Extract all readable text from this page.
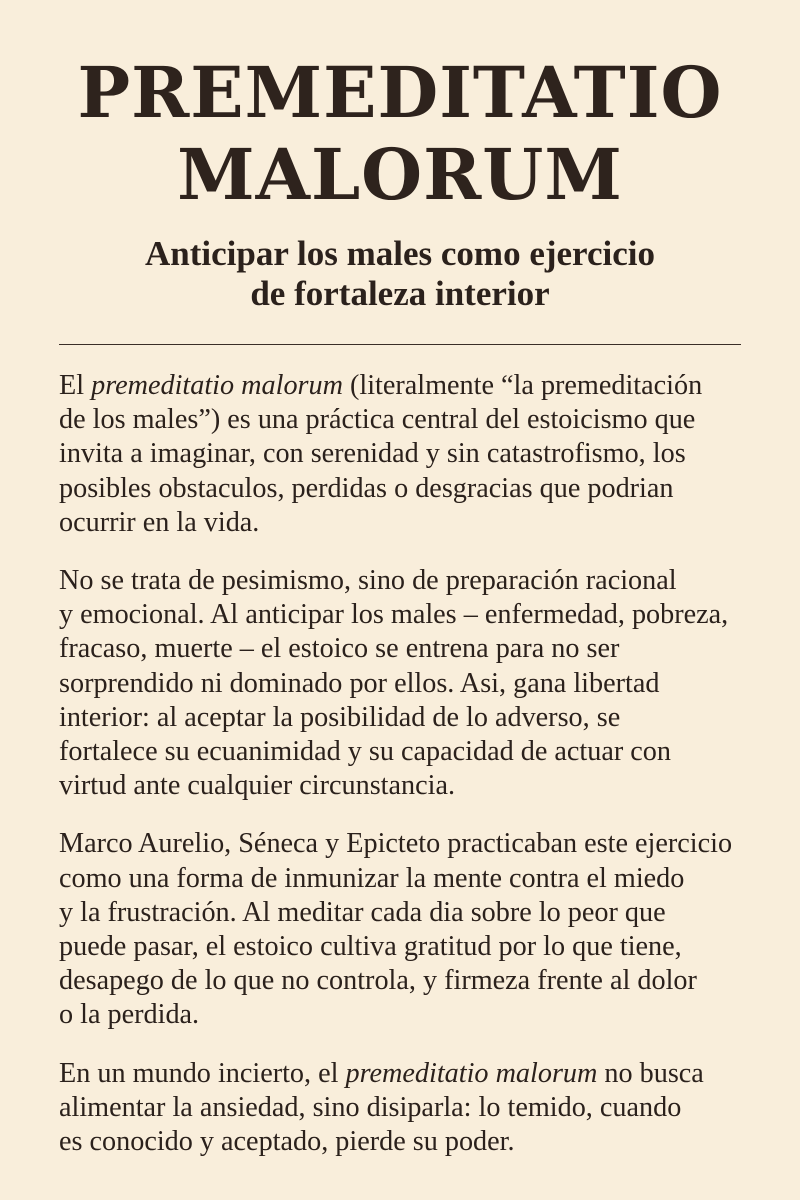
PREMEDITATIO
MALORUM
Anticipar los males como ejercicio
de fortaleza interior

El premeditatio malorum (literalmente “la premeditación
de los males”) es una práctica central del estoicismo que
invita a imaginar, con serenidad y sin catastrofismo, los
posibles obstaculos, perdidas o desgracias que podrian
ocurrir en la vida.

No se trata de pesimismo, sino de preparación racional
y emocional. Al anticipar los males – enfermedad, pobreza,
fracaso, muerte – el estoico se entrena para no ser
sorprendido ni dominado por ellos. Asi, gana libertad
interior: al aceptar la posibilidad de lo adverso, se
fortalece su ecuanimidad y su capacidad de actuar con
virtud ante cualquier circunstancia.

Marco Aurelio, Séneca y Epicteto practicaban este ejercicio
como una forma de inmunizar la mente contra el miedo
y la frustración. Al meditar cada dia sobre lo peor que
puede pasar, el estoico cultiva gratitud por lo que tiene,
desapego de lo que no controla, y firmeza frente al dolor
o la perdida.

En un mundo incierto, el premeditatio malorum no busca
alimentar la ansiedad, sino disiparla: lo temido, cuando
es conocido y aceptado, pierde su poder.
